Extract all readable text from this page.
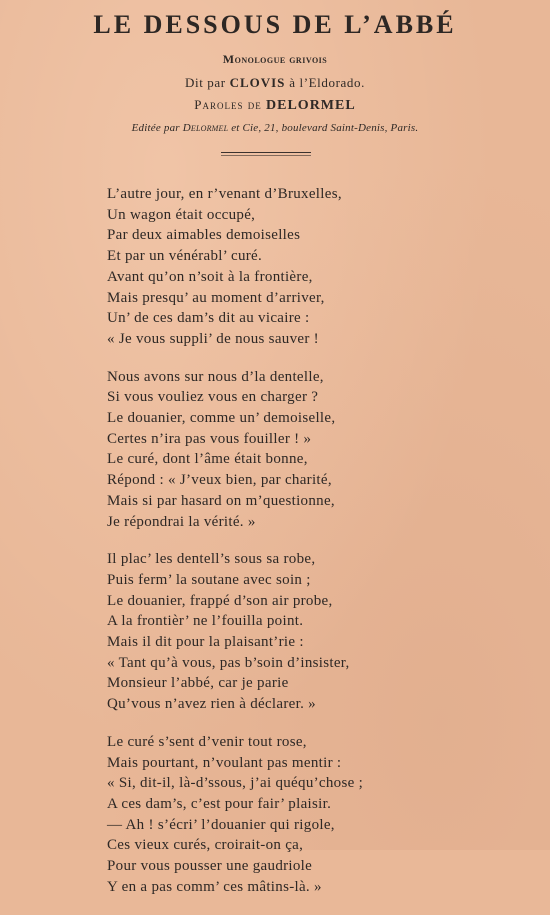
LE DESSOUS DE L’ABBÉ
Monologue grivois
Dit par CLOVIS à l’Eldorado.
Paroles de DELORMEL
Editée par Delormel et Cie, 21, boulevard Saint-Denis, Paris.
L’autre jour, en r’venant d’Bruxelles,
Un wagon était occupé,
Par deux aimables demoiselles
Et par un vénérabl’ curé.
Avant qu’on n’soit à la frontière,
Mais presqu’ au moment d’arriver,
Un’ de ces dam’s dit au vicaire :
« Je vous suppli’ de nous sauver !
Nous avons sur nous d’la dentelle,
Si vous vouliez vous en charger ?
Le douanier, comme un’ demoiselle,
Certes n’ira pas vous fouiller ! »
Le curé, dont l’âme était bonne,
Répond : « J’veux bien, par charité,
Mais si par hasard on m’questionne,
Je répondrai la vérité. »
Il plac’ les dentell’s sous sa robe,
Puis ferm’ la soutane avec soin ;
Le douanier, frappé d’son air probe,
A la frontièr’ ne l’fouilla point.
Mais il dit pour la plaisant’rie :
« Tant qu’à vous, pas b’soin d’insister,
Monsieur l’abbé, car je parie
Qu’vous n’avez rien à déclarer. »
Le curé s’sent d’venir tout rose,
Mais pourtant, n’voulant pas mentir :
« Si, dit-il, là-d’ssous, j’ai quéqu’chose ;
A ces dam’s, c’est pour fair’ plaisir.
— Ah ! s’écri’ l’douanier qui rigole,
Ces vieux curés, croirait-on ça,
Pour vous pousser une gaudriole
Y en a pas comm’ ces mâtins-là. »
